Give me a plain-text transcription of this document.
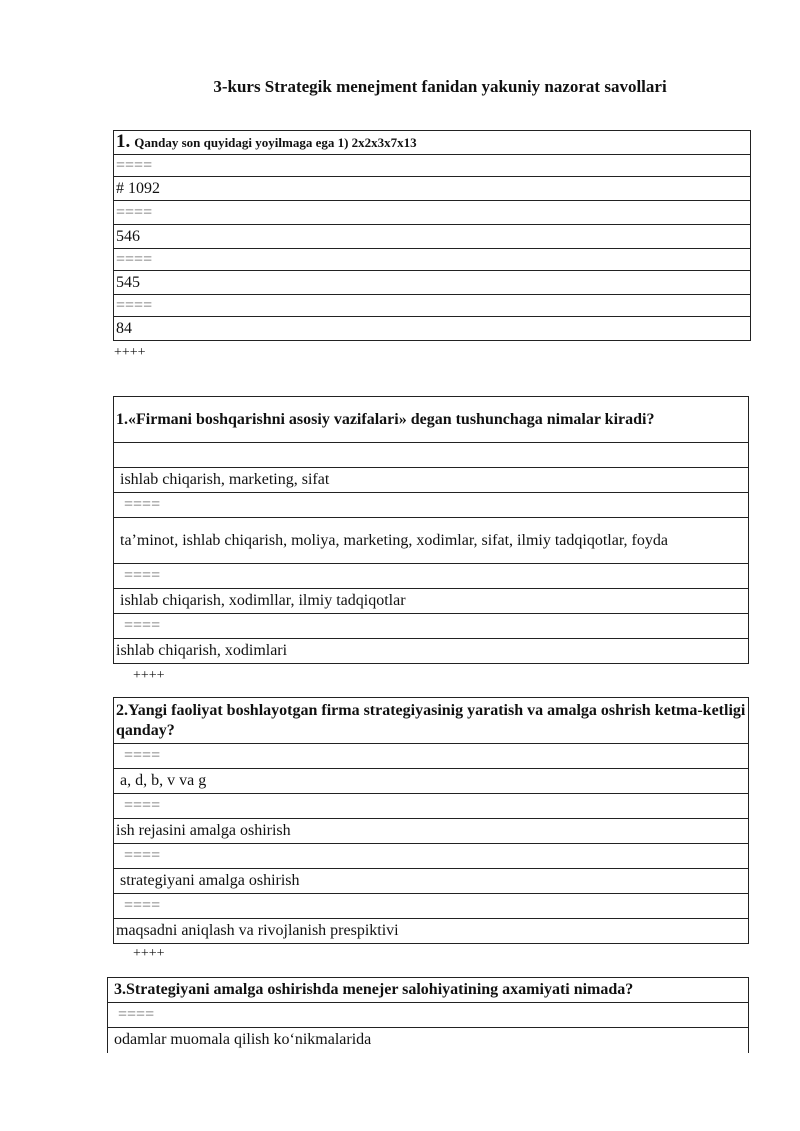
3-kurs Strategik menejment fanidan yakuniy nazorat savollari
1. Qanday son quyidagi yoyilmaga ega 1) 2x2x3x7x13
====
# 1092
====
546
====
545
====
84
++++
1.«Firmani boshqarishni asosiy vazifalari» degan tushunchaga nimalar kiradi?

ishlab chiqarish, marketing, sifat
====
ta’minot, ishlab chiqarish, moliya, marketing, xodimlar, sifat, ilmiy tadqiqotlar, foyda
====
ishlab chiqarish, xodimllar, ilmiy tadqiqotlar
====
ishlab chiqarish, xodimlari
++++
2.Yangi faoliyat boshlayotgan firma strategiyasinig yaratish va amalga oshrish ketma-ketligi qanday?
====
a, d, b, v va g
====
ish rejasini amalga oshirish
====
strategiyani amalga oshirish
====
maqsadni aniqlash va rivojlanish prespiktivi
++++
3.Strategiyani amalga oshirishda menejer salohiyatining axamiyati nimada?
====
odamlar muomala qilish ko‘nikmalarida
